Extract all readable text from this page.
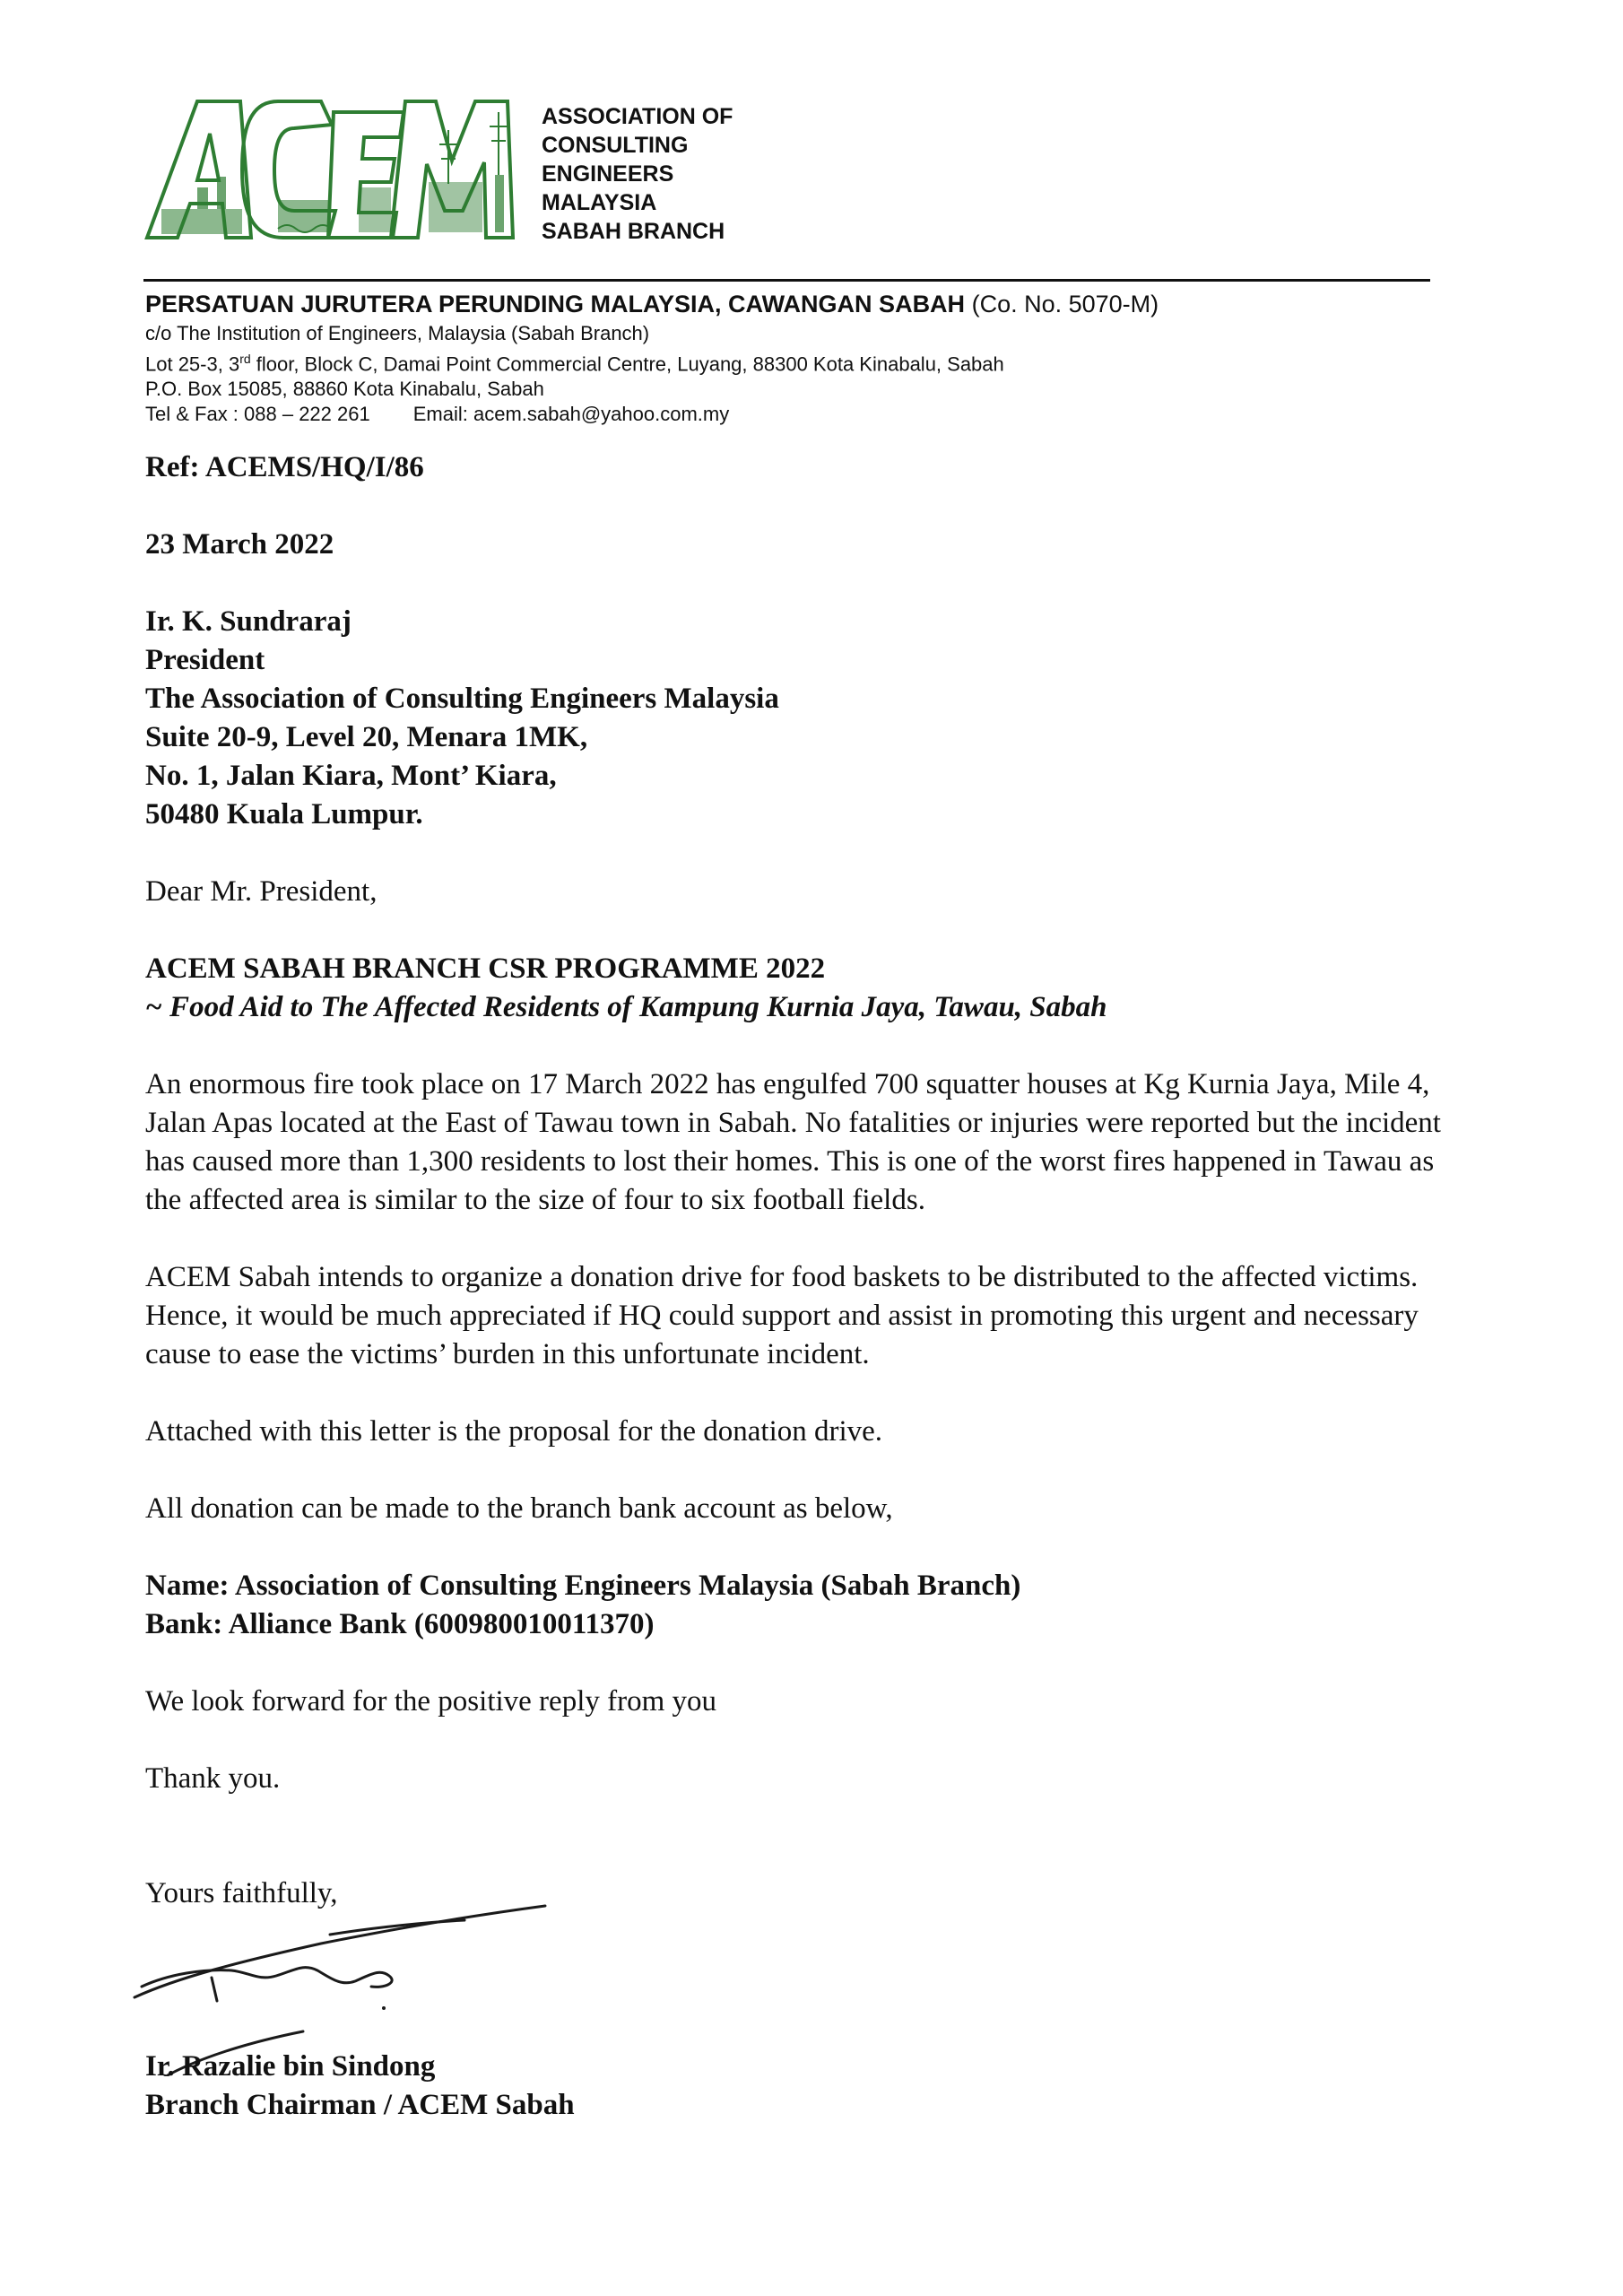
ASSOCIATION OF
CONSULTING
ENGINEERS
MALAYSIA
SABAH BRANCH
PERSATUAN JURUTERA PERUNDING MALAYSIA, CAWANGAN SABAH (Co. No. 5070-M)
c/o The Institution of Engineers, Malaysia (Sabah Branch)
Lot 25-3, 3rd floor, Block C, Damai Point Commercial Centre, Luyang, 88300 Kota Kinabalu, Sabah
P.O. Box 15085, 88860 Kota Kinabalu, Sabah
Tel & Fax : 088 – 222 261 Email: acem.sabah@yahoo.com.my

Ref: ACEMS/HQ/I/86

23 March 2022

Ir. K. Sundraraj

President

The Association of Consulting Engineers Malaysia

Suite 20-9, Level 20, Menara 1MK,

No. 1, Jalan Kiara, Mont’ Kiara,

50480 Kuala Lumpur.

Dear Mr. President,

ACEM SABAH BRANCH CSR PROGRAMME 2022

~ Food Aid to The Affected Residents of Kampung Kurnia Jaya, Tawau, Sabah

An enormous fire took place on 17 March 2022 has engulfed 700 squatter houses at Kg Kurnia Jaya, Mile 4, Jalan Apas located at the East of Tawau town in Sabah. No fatalities or injuries were reported but the incident has caused more than 1,300 residents to lost their homes. This is one of the worst fires happened in Tawau as the affected area is similar to the size of four to six football fields.

ACEM Sabah intends to organize a donation drive for food baskets to be distributed to the affected victims. Hence, it would be much appreciated if HQ could support and assist in promoting this urgent and necessary cause to ease the victims’ burden in this unfortunate incident.

Attached with this letter is the proposal for the donation drive.

All donation can be made to the branch bank account as below,

Name: Association of Consulting Engineers Malaysia (Sabah Branch)

Bank: Alliance Bank (600980010011370)

We look forward for the positive reply from you

Thank you.

Yours faithfully,

Ir. Razalie bin Sindong
Branch Chairman / ACEM Sabah
